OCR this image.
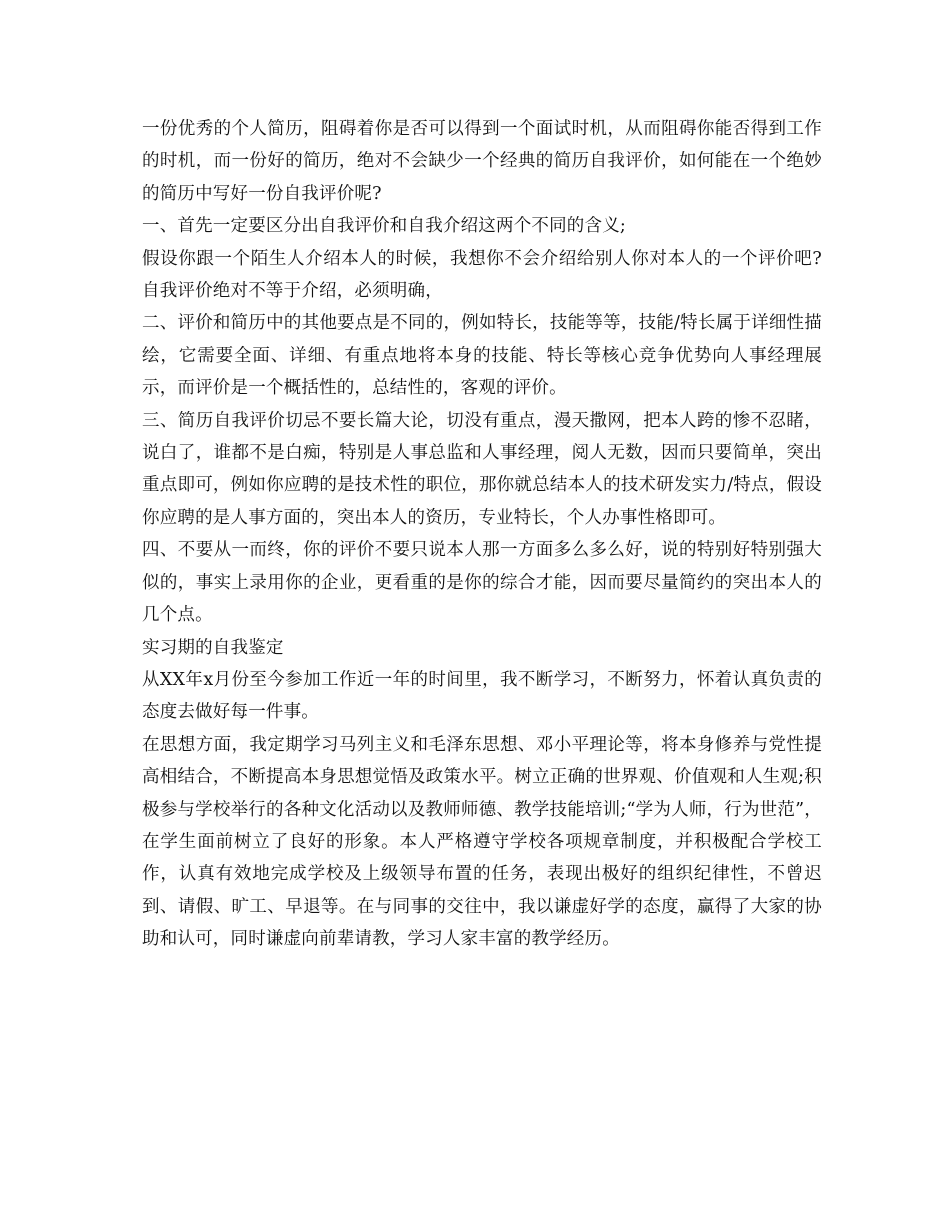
一份优秀的个人简历，阻碍着你是否可以得到一个面试时机，从而阻碍你能否得到工作的时机，而一份好的简历，绝对不会缺少一个经典的简历自我评价，如何能在一个绝妙的简历中写好一份自我评价呢?

一、首先一定要区分出自我评价和自我介绍这两个不同的含义;

假设你跟一个陌生人介绍本人的时候，我想你不会介绍给别人你对本人的一个评价吧?自我评价绝对不等于介绍，必须明确，

二、评价和简历中的其他要点是不同的，例如特长，技能等等，技能/特长属于详细性描绘，它需要全面、详细、有重点地将本身的技能、特长等核心竞争优势向人事经理展示，而评价是一个概括性的，总结性的，客观的评价。

三、简历自我评价切忌不要长篇大论，切没有重点，漫天撒网，把本人跨的惨不忍睹，说白了，谁都不是白痴，特别是人事总监和人事经理，阅人无数，因而只要简单，突出重点即可，例如你应聘的是技术性的职位，那你就总结本人的技术研发实力/特点，假设你应聘的是人事方面的，突出本人的资历，专业特长，个人办事性格即可。

四、不要从一而终，你的评价不要只说本人那一方面多么多么好，说的特别好特别强大似的，事实上录用你的企业，更看重的是你的综合才能，因而要尽量简约的突出本人的几个点。

实习期的自我鉴定

从XX年x月份至今参加工作近一年的时间里，我不断学习，不断努力，怀着认真负责的态度去做好每一件事。

在思想方面，我定期学习马列主义和毛泽东思想、邓小平理论等，将本身修养与党性提高相结合，不断提高本身思想觉悟及政策水平。树立正确的世界观、价值观和人生观;积极参与学校举行的各种文化活动以及教师师德、教学技能培训;“学为人师，行为世范”，在学生面前树立了良好的形象。本人严格遵守学校各项规章制度，并积极配合学校工作，认真有效地完成学校及上级领导布置的任务，表现出极好的组织纪律性，不曾迟到、请假、旷工、早退等。在与同事的交往中，我以谦虚好学的态度，赢得了大家的协助和认可，同时谦虚向前辈请教，学习人家丰富的教学经历。
